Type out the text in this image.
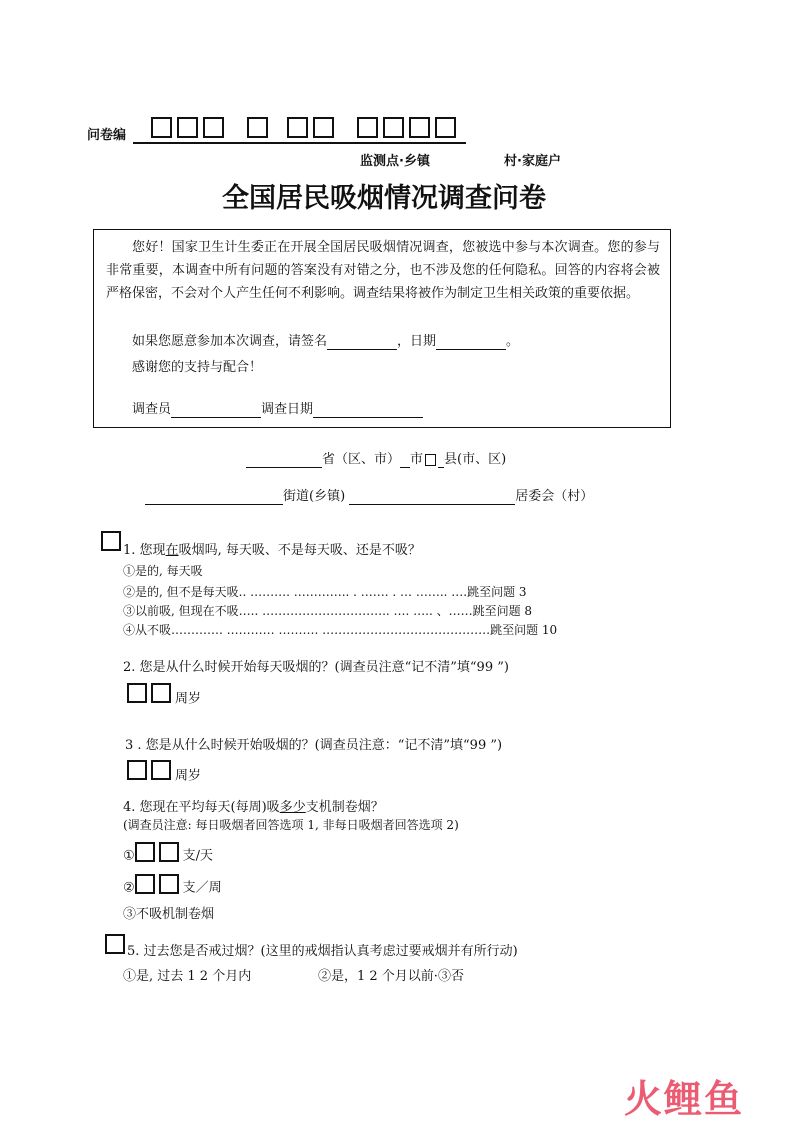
问卷编
监测点·乡镇	村·家庭户
全国居民吸烟情况调查问卷
您好！国家卫生计生委正在开展全国居民吸烟情况调查，您被选中参与本次调查。您的参与非常重要，本调查中所有问题的答案没有对错之分，也不涉及您的任何隐私。回答的内容将会被严格保密，不会对个人产生任何不利影响。调查结果将被作为制定卫生相关政策的重要依据。
如果您愿意参加本次调查，请签名	，日期	。
感谢您的支持与配合！
调查员	调查日期
省（区、市） 市 县(市、区)
街道(乡镇)	居委会（村）
1. 您现在吸烟吗, 每天吸、不是每天吸、还是不吸？
①是的, 每天吸
②是的, 但不是每天吸.. ………. ………….. . ……. . … …….. ….跳至问题 3
③以前吸, 但现在不吸….. ………………………….. …. ….. 、……跳至问题 8
④从不吸…………. ………… ………. ……………………………………跳至问题 10
2. 您是从什么时候开始每天吸烟的？(调查员注意“记不清”填“99 ”)
周岁
3 . 您是从什么时候开始吸烟的？(调查员注意：“记不清”填“99 ”)
周岁
4. 您现在平均每天(每周)吸多少支机制卷烟？
(调查员注意: 每日吸烟者回答选项 1, 非每日吸烟者回答选项 2)
①	支/天
②	支／周
③不吸机制卷烟
5. 过去您是否戒过烟？(这里的戒烟指认真考虑过要戒烟并有所行动)
①是, 过去 1 2 个月内	②是，1 2 个月以前·③否
火鲤鱼
